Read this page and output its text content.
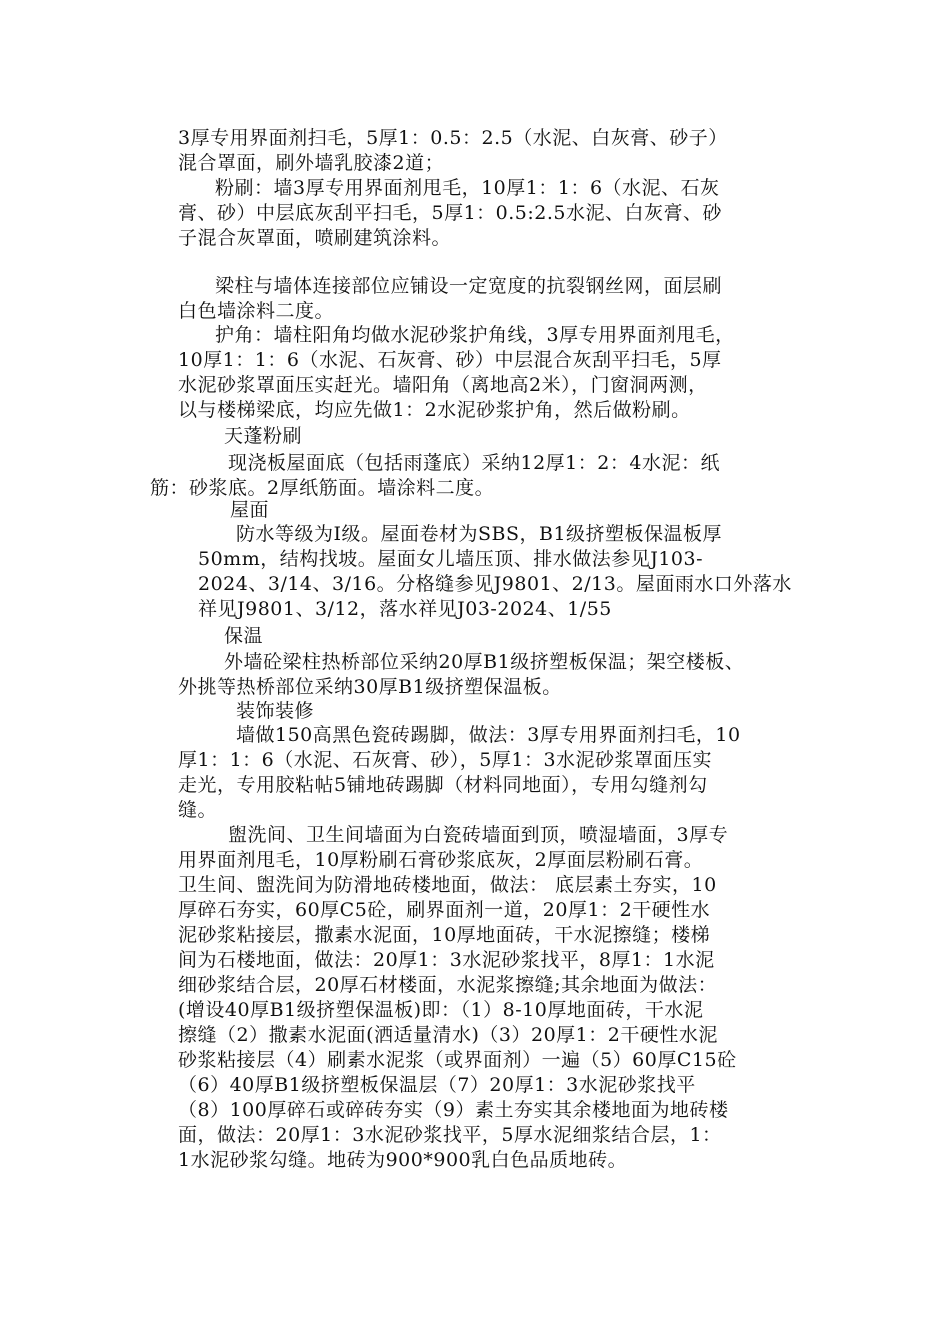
3厚专用界面剂扫毛，5厚1：0.5：2.5（水泥、白灰膏、砂子）
混合罩面，刷外墙乳胶漆2道；
粉刷：墙3厚专用界面剂甩毛，10厚1：1：6（水泥、石灰
膏、砂）中层底灰刮平扫毛，5厚1：0.5:2.5水泥、白灰膏、砂
子混合灰罩面，喷刷建筑涂料。
梁柱与墙体连接部位应铺设一定宽度的抗裂钢丝网，面层刷
白色墙涂料二度。
护角：墙柱阳角均做水泥砂浆护角线，3厚专用界面剂甩毛，
10厚1：1：6（水泥、石灰膏、砂）中层混合灰刮平扫毛，5厚
水泥砂浆罩面压实赶光。墙阳角（离地高2米），门窗洞两测，
以与楼梯梁底，均应先做1：2水泥砂浆护角，然后做粉刷。
天蓬粉刷
现浇板屋面底（包括雨蓬底）采纳12厚1：2：4水泥：纸
筋：砂浆底。2厚纸筋面。墙涂料二度。
屋面
防水等级为I级。屋面卷材为SBS，B1级挤塑板保温板厚
50mm，结构找坡。屋面女儿墙压顶、排水做法参见J103-
2024、3/14、3/16。分格缝参见J9801、2/13。屋面雨水口外落水
祥见J9801、3/12，落水祥见J03-2024、1/55
保温
外墙砼梁柱热桥部位采纳20厚B1级挤塑板保温；架空楼板、
外挑等热桥部位采纳30厚B1级挤塑保温板。
装饰装修
墙做150高黑色瓷砖踢脚，做法：3厚专用界面剂扫毛，10
厚1：1：6（水泥、石灰膏、砂），5厚1：3水泥砂浆罩面压实
走光，专用胶粘帖5铺地砖踢脚（材料同地面），专用勾缝剂勾
缝。
盥洗间、卫生间墙面为白瓷砖墙面到顶，喷湿墙面，3厚专
用界面剂甩毛，10厚粉刷石膏砂浆底灰，2厚面层粉刷石膏。
卫生间、盥洗间为防滑地砖楼地面，做法： 底层素土夯实，10
厚碎石夯实，60厚C5砼，刷界面剂一道，20厚1：2干硬性水
泥砂浆粘接层，撒素水泥面，10厚地面砖，干水泥擦缝；楼梯
间为石楼地面，做法：20厚1：3水泥砂浆找平，8厚1：1水泥
细砂浆结合层，20厚石材楼面，水泥浆擦缝;其余地面为做法：
(增设40厚B1级挤塑保温板)即：（1）8-10厚地面砖，干水泥
擦缝（2）撒素水泥面(洒适量清水)（3）20厚1：2干硬性水泥
砂浆粘接层（4）刷素水泥浆（或界面剂）一遍（5）60厚C15砼
（6）40厚B1级挤塑板保温层（7）20厚1：3水泥砂浆找平
（8）100厚碎石或碎砖夯实（9）素土夯实其余楼地面为地砖楼
面，做法：20厚1：3水泥砂浆找平，5厚水泥细浆结合层，1：
1水泥砂浆勾缝。地砖为900*900乳白色品质地砖。
